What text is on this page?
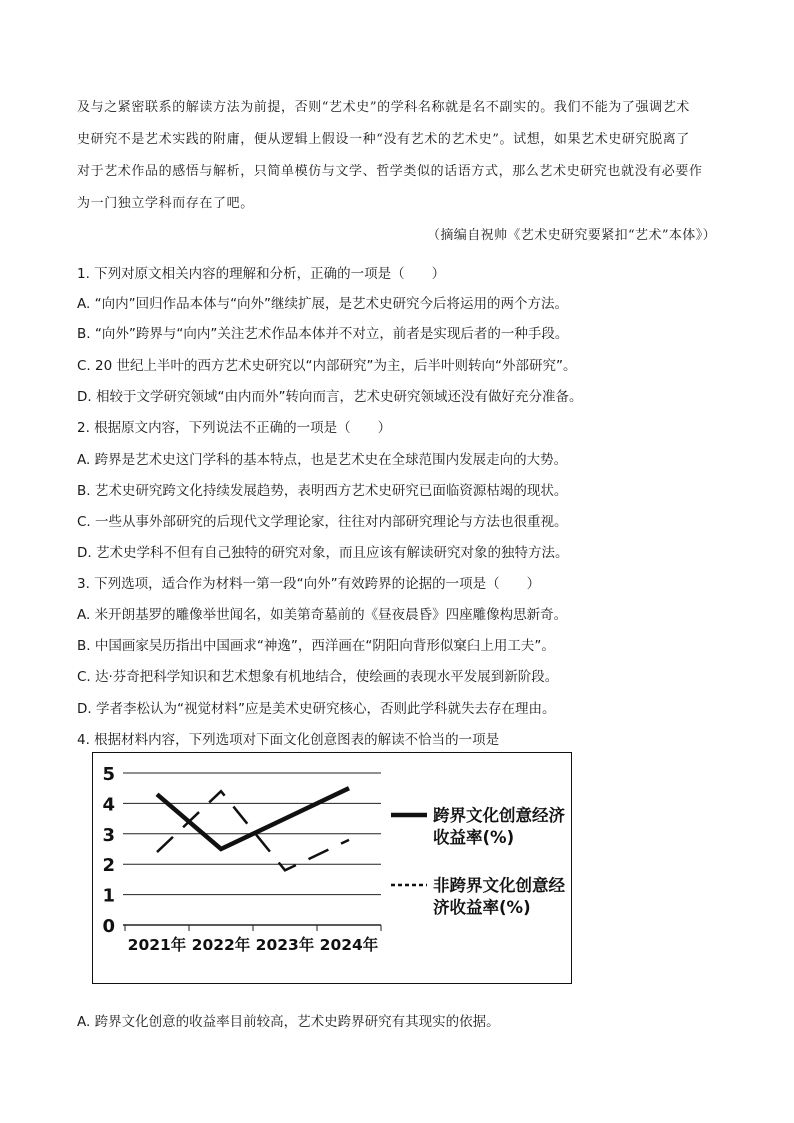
及与之紧密联系的解读方法为前提，否则“艺术史”的学科名称就是名不副实的。我们不能为了强调艺术
史研究不是艺术实践的附庸，便从逻辑上假设一种“没有艺术的艺术史”。试想，如果艺术史研究脱离了
对于艺术作品的感悟与解析，只简单模仿与文学、哲学类似的话语方式，那么艺术史研究也就没有必要作
为一门独立学科而存在了吧。
（摘编自祝帅《艺术史研究要紧扣“艺术”本体》）
1. 下列对原文相关内容的理解和分析，正确的一项是（　　）
A. “向内”回归作品本体与“向外”继续扩展，是艺术史研究今后将运用的两个方法。
B. “向外”跨界与“向内”关注艺术作品本体并不对立，前者是实现后者的一种手段。
C. 20 世纪上半叶的西方艺术史研究以“内部研究”为主，后半叶则转向“外部研究”。
D. 相较于文学研究领域“由内而外”转向而言，艺术史研究领域还没有做好充分准备。
2. 根据原文内容，下列说法不正确的一项是（　　）
A. 跨界是艺术史这门学科的基本特点，也是艺术史在全球范围内发展走向的大势。
B. 艺术史研究跨文化持续发展趋势，表明西方艺术史研究已面临资源枯竭的现状。
C. 一些从事外部研究的后现代文学理论家，往往对内部研究理论与方法也很重视。
D. 艺术史学科不但有自己独特的研究对象，而且应该有解读研究对象的独特方法。
3. 下列选项，适合作为材料一第一段“向外”有效跨界的论据的一项是（　　）
A. 米开朗基罗的雕像举世闻名，如美第奇墓前的《昼夜晨昏》四座雕像构思新奇。
B. 中国画家吴历指出中国画求“神逸”，西洋画在“阴阳向背形似窠臼上用工夫”。
C. 达·芬奇把科学知识和艺术想象有机地结合，使绘画的表现水平发展到新阶段。
D. 学者李松认为“视觉材料”应是美术史研究核心，否则此学科就失去存在理由。
4. 根据材料内容，下列选项对下面文化创意图表的解读不恰当的一项是
0
1
2
3
4
5
2021年 2022年 2023年 2024年
跨界文化创意经济
收益率(%)
非跨界文化创意经
济收益率(%)
A. 跨界文化创意的收益率目前较高，艺术史跨界研究有其现实的依据。
